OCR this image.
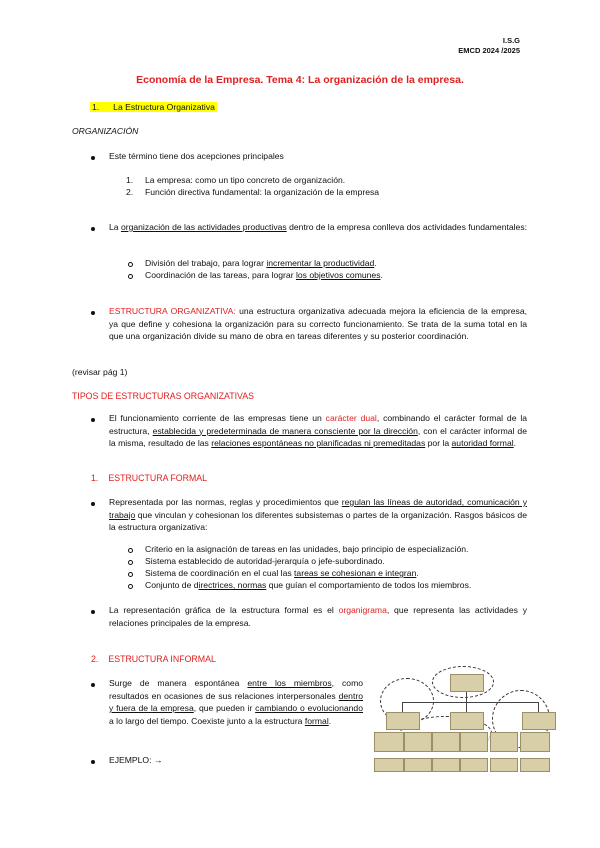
I.S.G
EMCD 2024 /2025
Economía de la Empresa. Tema 4: La organización de la empresa.
1. La Estructura Organizativa
ORGANIZACIÓN
Este término tiene dos acepciones principales
1. La empresa: como un tipo concreto de organización.
2. Función directiva fundamental: la organización de la empresa
La organización de las actividades productivas dentro de la empresa conlleva dos actividades fundamentales:
División del trabajo, para lograr incrementar la productividad.
Coordinación de las tareas, para lograr los objetivos comunes.
ESTRUCTURA ORGANIZATIVA: una estructura organizativa adecuada mejora la eficiencia de la empresa, ya que define y cohesiona la organización para su correcto funcionamiento. Se trata de la suma total en la que una organización divide su mano de obra en tareas diferentes y su posterior coordinación.
(revisar pág 1)
TIPOS DE ESTRUCTURAS ORGANIZATIVAS
El funcionamiento corriente de las empresas tiene un carácter dual, combinando el carácter formal de la estructura, establecida y predeterminada de manera consciente por la dirección, con el carácter informal de la misma, resultado de las relaciones espontáneas no planificadas ni premeditadas por la autoridad formal.
1. ESTRUCTURA FORMAL
Representada por las normas, reglas y procedimientos que regulan las líneas de autoridad, comunicación y trabajo que vinculan y cohesionan los diferentes subsistemas o partes de la organización. Rasgos básicos de la estructura organizativa:
Criterio en la asignación de tareas en las unidades, bajo principio de especialización.
Sistema establecido de autoridad-jerarquía o jefe-subordinado.
Sistema de coordinación en el cual las tareas se cohesionan e integran.
Conjunto de directrices, normas que guían el comportamiento de todos los miembros.
La representación gráfica de la estructura formal es el organigrama, que representa las actividades y relaciones principales de la empresa.
2. ESTRUCTURA INFORMAL
Surge de manera espontánea entre los miembros, como resultados en ocasiones de sus relaciones interpersonales dentro y fuera de la empresa, que pueden ir cambiando o evolucionando a lo largo del tiempo. Coexiste junto a la estructura formal.
EJEMPLO: →
